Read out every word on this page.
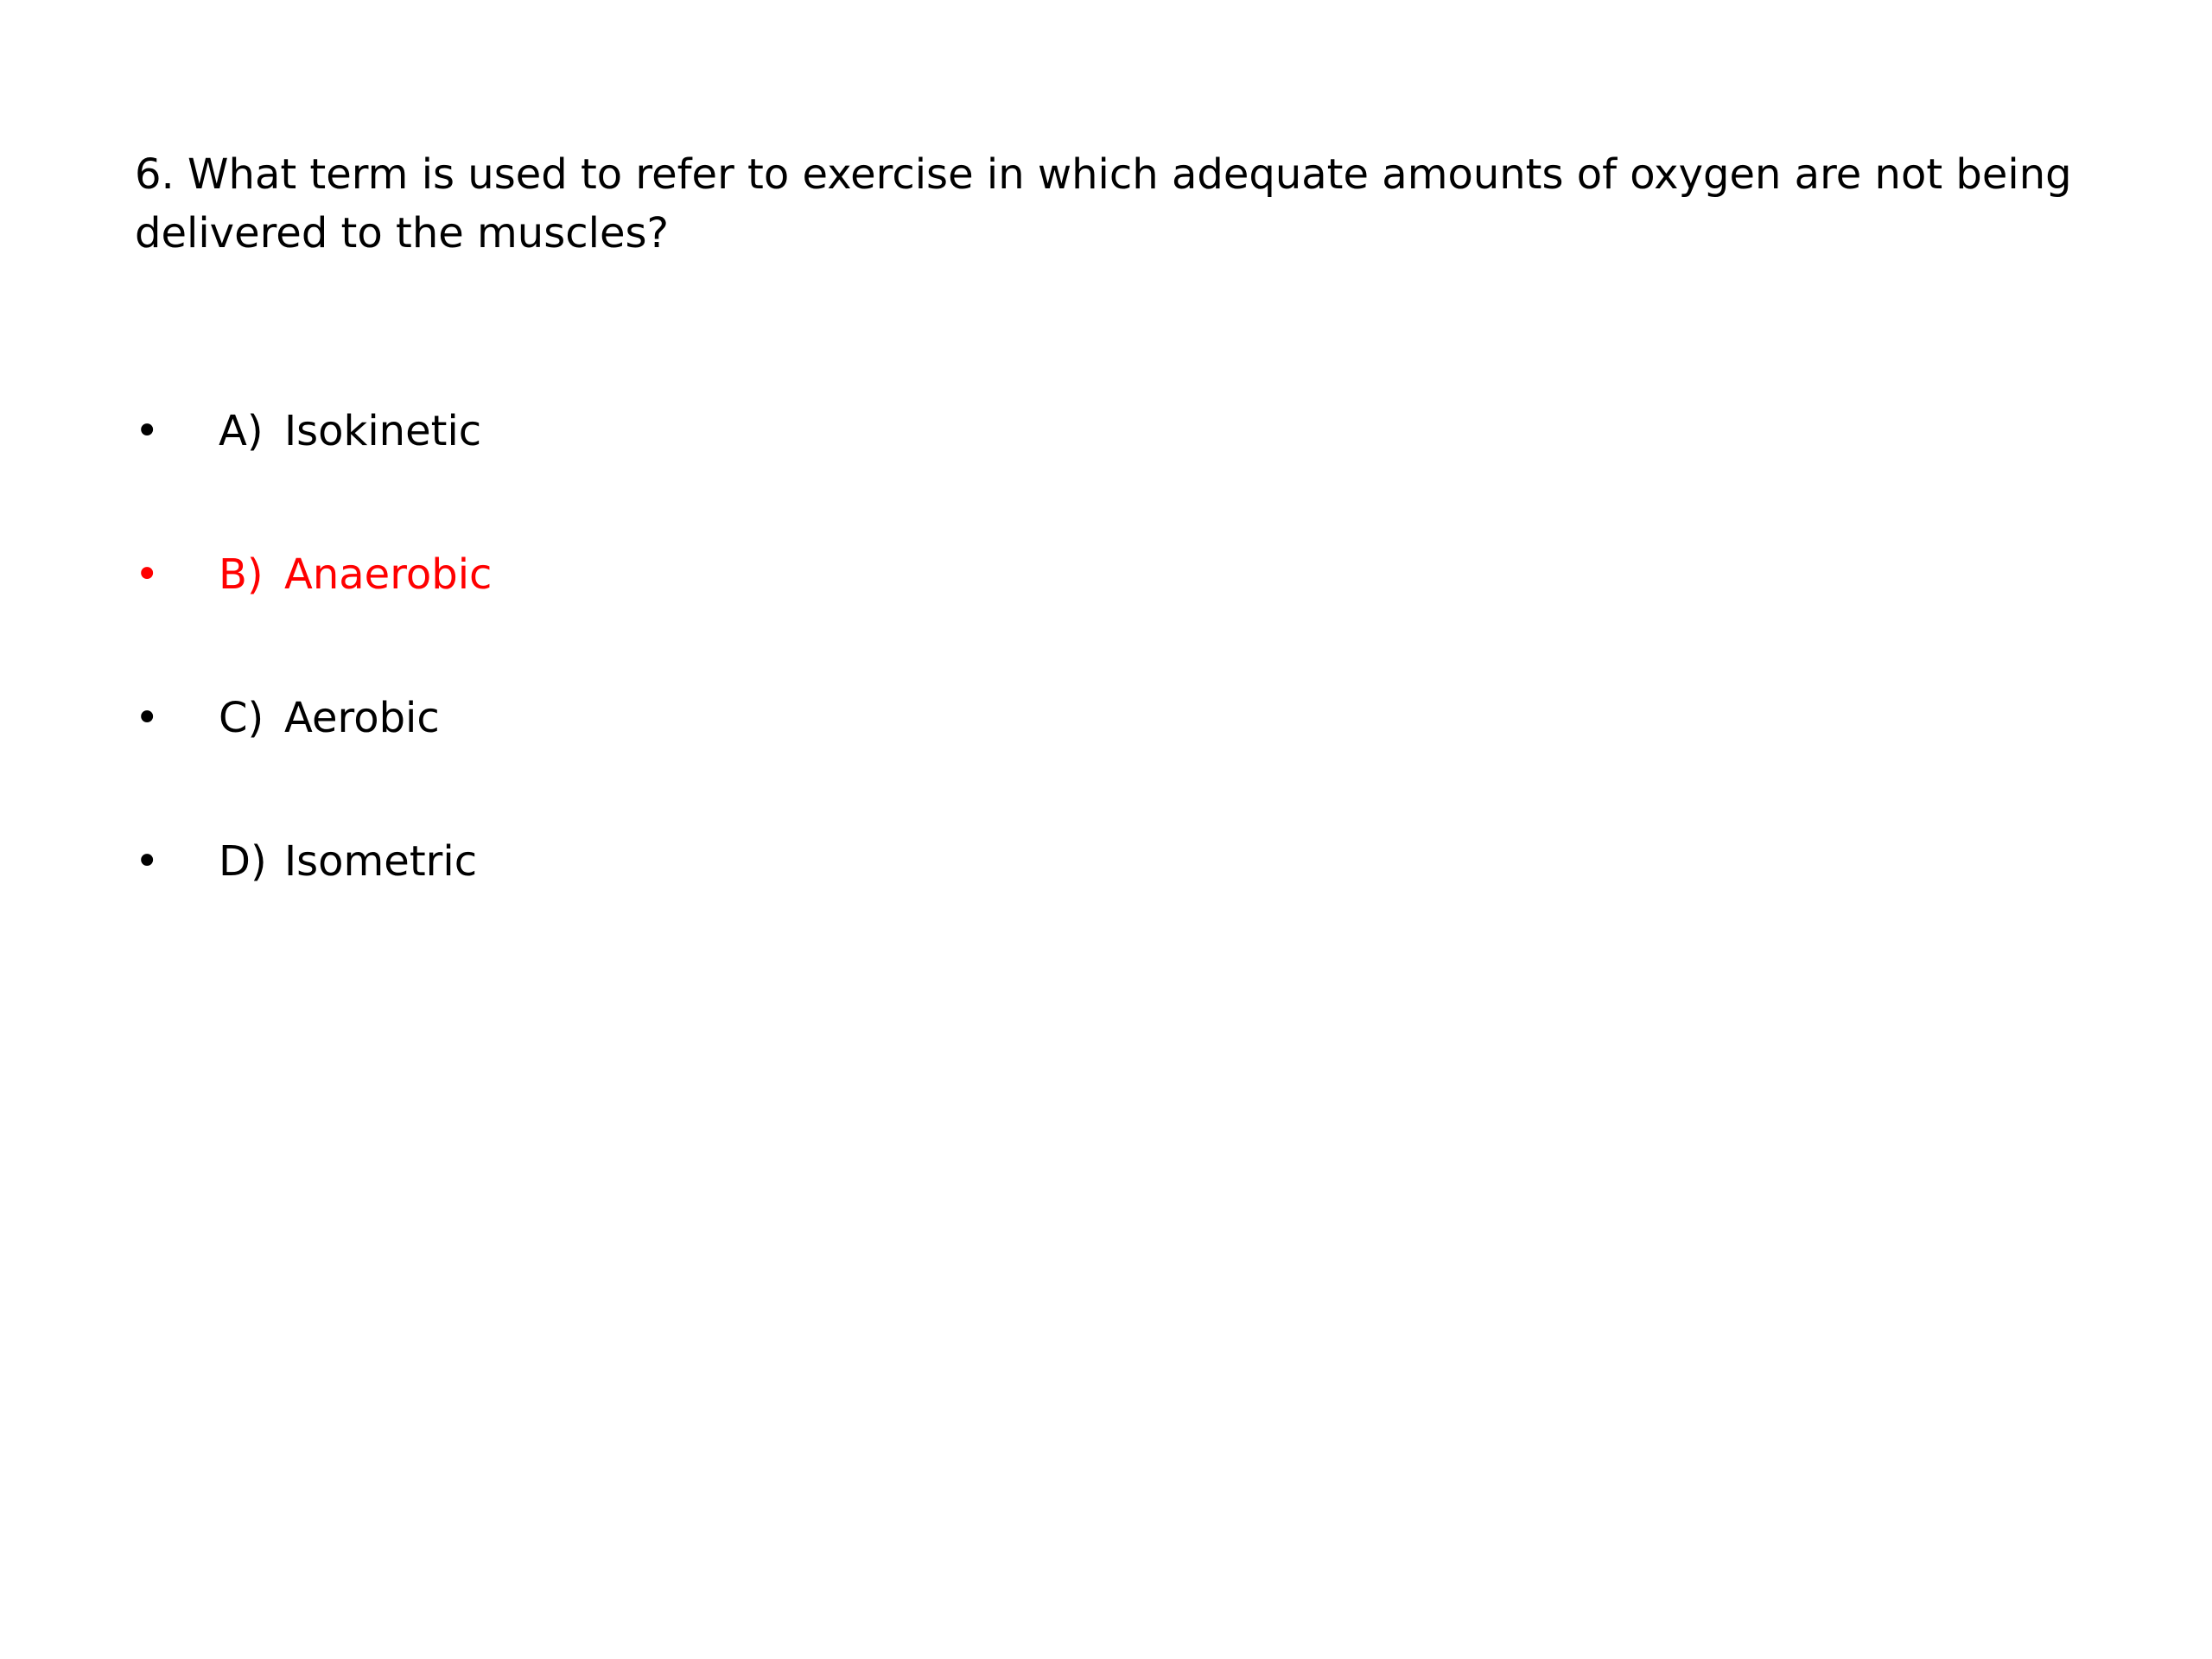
6. What term is used to refer to exercise in which adequate amounts of oxygen are not being delivered to the muscles?

•	A) Isokinetic
•	B) Anaerobic
•	C) Aerobic
•	D) Isometric
